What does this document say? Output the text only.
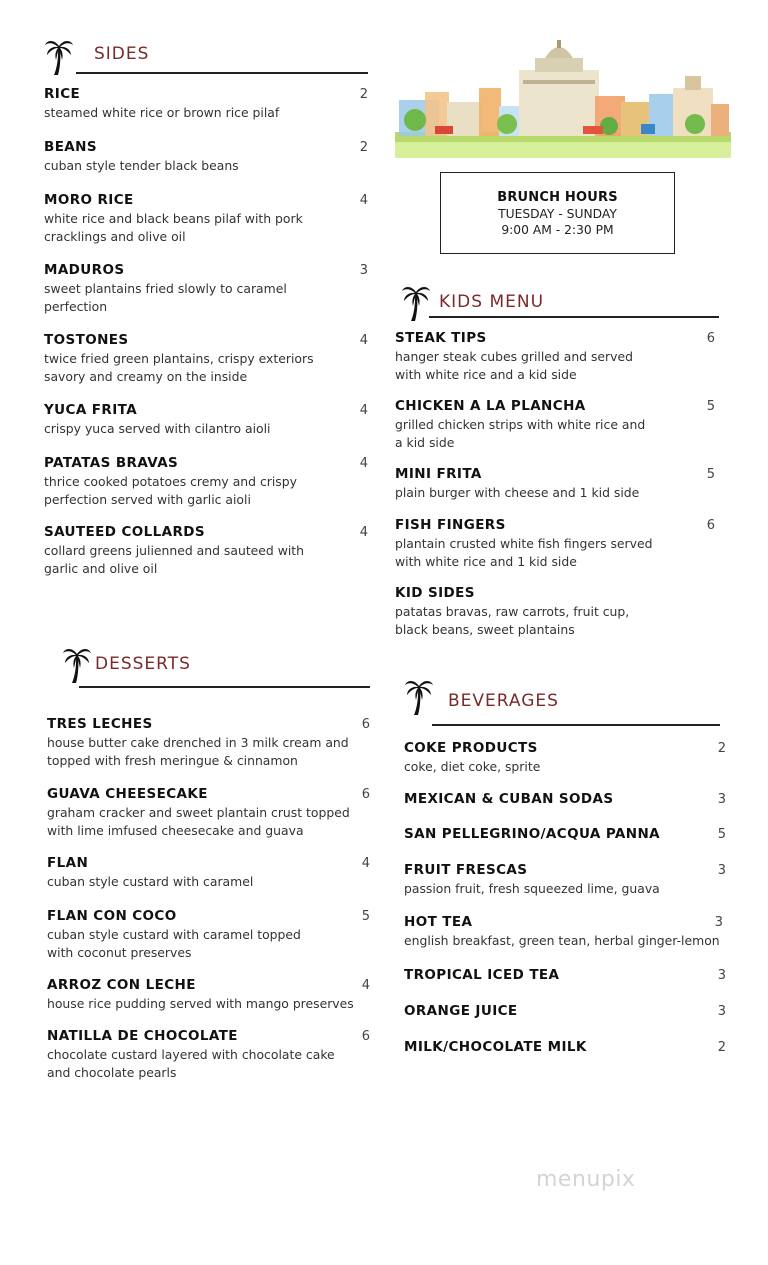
SIDES
RICE	2
steamed white rice or brown rice pilaf
BEANS	2
cuban style tender black beans
MORO RICE	4
white rice and black beans pilaf with pork
cracklings and olive oil
MADUROS	3
sweet plantains fried slowly to caramel
perfection
TOSTONES	4
twice fried green plantains, crispy exteriors
savory and creamy on the inside
YUCA FRITA	4
crispy yuca served with cilantro aioli
PATATAS BRAVAS	4
thrice cooked potatoes cremy and crispy
perfection served with garlic aioli
SAUTEED COLLARDS	4
collard greens julienned and sauteed with
garlic and olive oil
DESSERTS
TRES LECHES	6
house butter cake drenched in 3 milk cream and
topped with fresh meringue & cinnamon
GUAVA CHEESECAKE	6
graham cracker and sweet plantain crust topped
with lime imfused cheesecake and guava
FLAN	4
cuban style custard with caramel
FLAN CON COCO	5
cuban style custard with caramel topped
with coconut preserves
ARROZ CON LECHE	4
house rice pudding served with mango preserves
NATILLA DE CHOCOLATE	6
chocolate custard layered with chocolate cake
and chocolate pearls
BRUNCH HOURS
TUESDAY - SUNDAY
9:00 AM - 2:30 PM
KIDS MENU
STEAK TIPS	6
hanger steak cubes grilled and served
with white rice and a kid side
CHICKEN A LA PLANCHA	5
grilled chicken strips with white rice and
a kid side
MINI FRITA	5
plain burger with cheese and 1 kid side
FISH FINGERS	6
plantain crusted white fish fingers served
with white rice and 1 kid side
KID SIDES
patatas bravas, raw carrots, fruit cup,
black beans, sweet plantains
BEVERAGES
COKE PRODUCTS	2
coke, diet coke, sprite
MEXICAN & CUBAN SODAS	3
SAN PELLEGRINO/ACQUA PANNA	5
FRUIT FRESCAS	3
passion fruit, fresh squeezed lime, guava
HOT TEA	3
english breakfast, green tean, herbal ginger-lemon
TROPICAL ICED TEA	3
ORANGE JUICE	3
MILK/CHOCOLATE MILK	2
menupix
